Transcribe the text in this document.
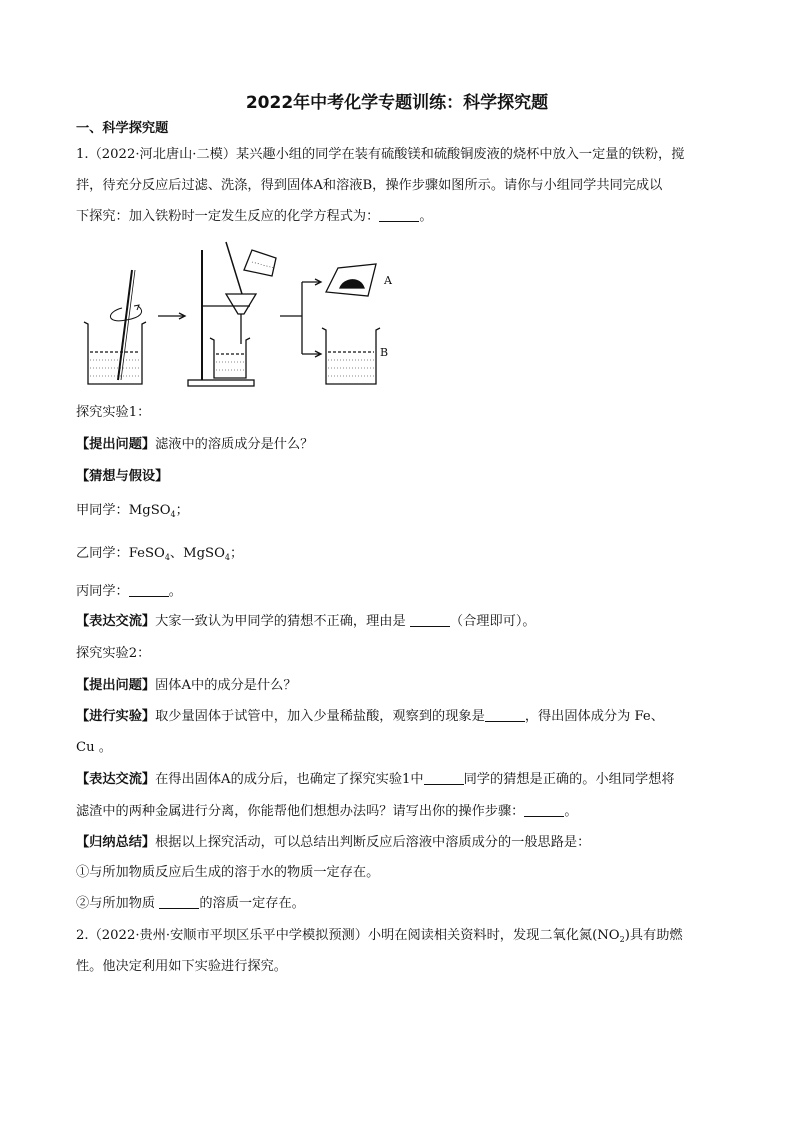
2022年中考化学专题训练：科学探究题
一、科学探究题
1.（2022·河北唐山·二模）某兴趣小组的同学在装有硫酸镁和硫酸铜废液的烧杯中放入一定量的铁粉，搅
拌，待充分反应后过滤、洗涤，得到固体A和溶液B，操作步骤如图所示。请你与小组同学共同完成以
下探究：加入铁粉时一定发生反应的化学方程式为：	。
A
B
探究实验1：
【提出问题】滤液中的溶质成分是什么？
【猜想与假设】
甲同学：MgSO$_4$；
乙同学：FeSO$_4$、MgSO$_4$；
丙同学：	。
【表达交流】大家一致认为甲同学的猜想不正确，理由是	（合理即可）。
探究实验2：
【提出问题】固体A中的成分是什么？
【进行实验】取少量固体于试管中，加入少量稀盐酸，观察到的现象是	，得出固体成分为 Fe、
Cu 。
【表达交流】在得出固体A的成分后，也确定了探究实验1中	同学的猜想是正确的。小组同学想将
滤渣中的两种金属进行分离，你能帮他们想想办法吗？请写出你的操作步骤：	。
【归纳总结】根据以上探究活动，可以总结出判断反应后溶液中溶质成分的一般思路是：
①与所加物质反应后生成的溶于水的物质一定存在。
②与所加物质	的溶质一定存在。
2.（2022·贵州·安顺市平坝区乐平中学模拟预测）小明在阅读相关资料时，发现二氧化氮$(NO_2)$具有助燃
性。他决定利用如下实验进行探究。
